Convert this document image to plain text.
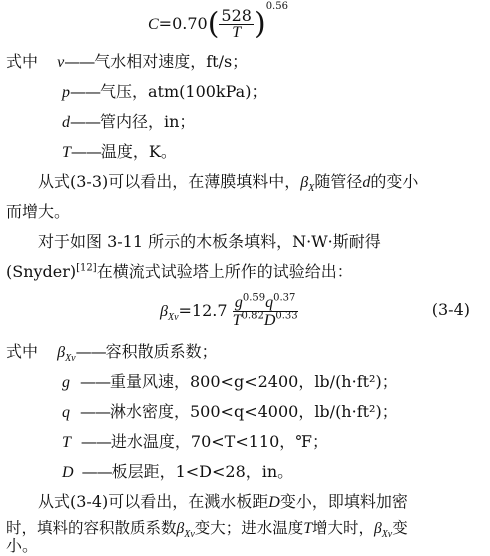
$C=0.70( \frac{528}{T} )^{0.56}$
式中 v——气水相对速度，ft/s；
p——气压，atm(100kPa)；
d——管内径，in；
T——温度，K。
从式(3-3)可以看出，在薄膜填料中，$\beta_X$随管径d的变小
而增大。
对于如图 3-11 所示的木板条填料，N·W·斯耐得
(Snyder)[12]在横流式试验塔上所作的试验给出：
$\beta_{Xv}=12.7 \frac{g^{0.59}q^{0.37}}{T^{0.82}D^{0.33}}$	(3-4)
式中 $\beta_{Xv}——$容积散质系数；
g ——重量风速，800<g<2400，lb/(h·ft²)；
q ——淋水密度，500<q<4000，lb/(h·ft²)；
T ——进水温度，70<T<110，℉；
D ——板层距，1<D<28，in。
从式(3-4)可以看出，在溅水板距D变小，即填料加密
时，填料的容积散质系数$\beta_{Xv}$变大；进水温度T增大时，$\beta_{Xv}$变
小。
